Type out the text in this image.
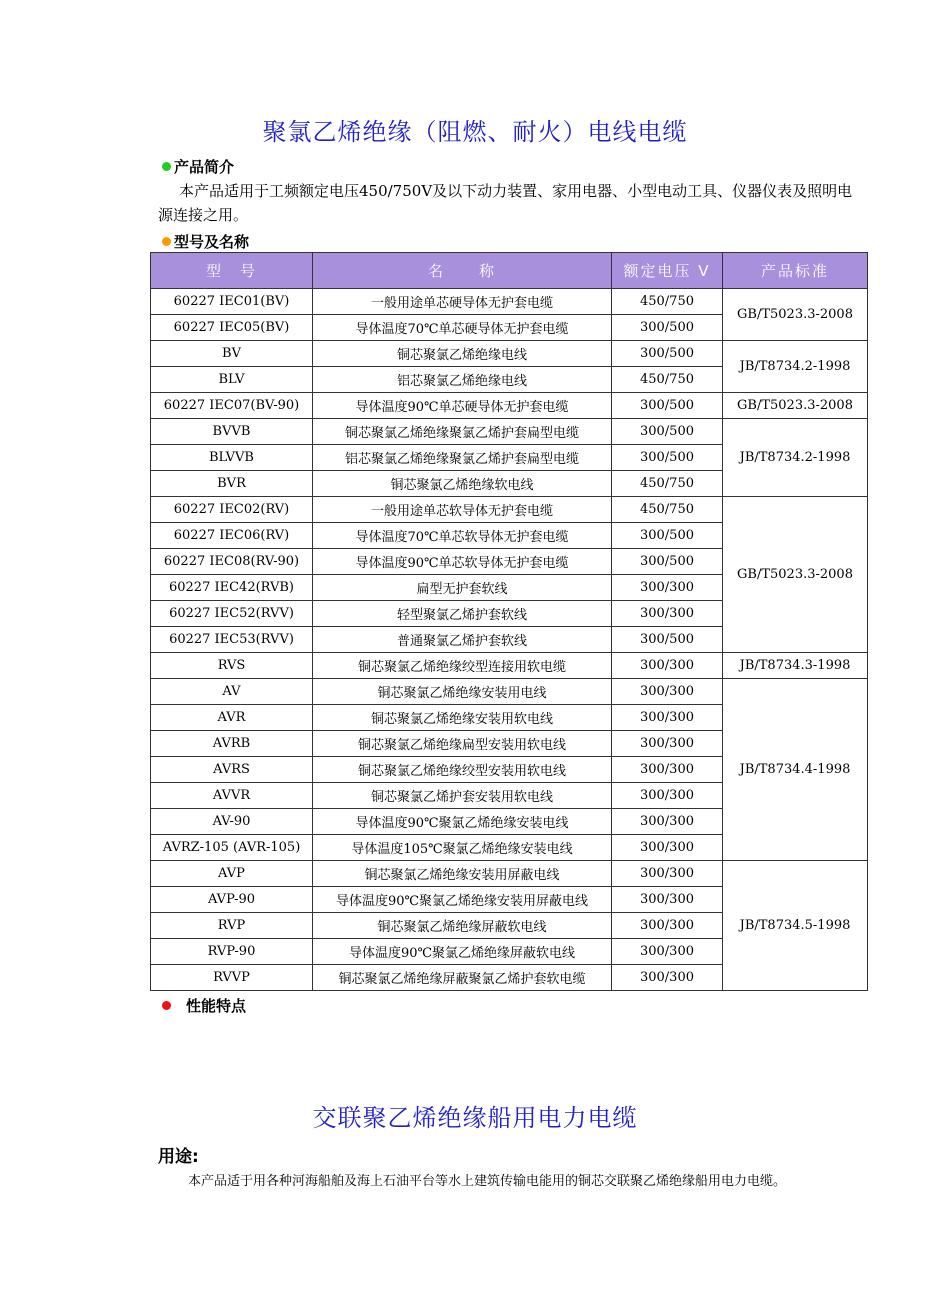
聚氯乙烯绝缘（阻燃、耐火）电线电缆
产品简介
本产品适用于工频额定电压450/750V及以下动力装置、家用电器、小型电动工具、仪器仪表及照明电源连接之用。
型号及名称
型　号	名　　称	额定电压 V	产品标准
60227 IEC01(BV)	一般用途单芯硬导体无护套电缆	450/750	GB/T5023.3-2008
60227 IEC05(BV)	导体温度70℃单芯硬导体无护套电缆	300/500	
BV	铜芯聚氯乙烯绝缘电线	300/500	JB/T8734.2-1998
BLV	铝芯聚氯乙烯绝缘电线	450/750	
60227 IEC07(BV-90)	导体温度90℃单芯硬导体无护套电缆	300/500	GB/T5023.3-2008
BVVB	铜芯聚氯乙烯绝缘聚氯乙烯护套扁型电缆	300/500	JB/T8734.2-1998
BLVVB	铝芯聚氯乙烯绝缘聚氯乙烯护套扁型电缆	300/500	
BVR	铜芯聚氯乙烯绝缘软电线	450/750	
60227 IEC02(RV)	一般用途单芯软导体无护套电缆	450/750	GB/T5023.3-2008
60227 IEC06(RV)	导体温度70℃单芯软导体无护套电缆	300/500	
60227 IEC08(RV-90)	导体温度90℃单芯软导体无护套电缆	300/500	
60227 IEC42(RVB)	扁型无护套软线	300/300	
60227 IEC52(RVV)	轻型聚氯乙烯护套软线	300/300	
60227 IEC53(RVV)	普通聚氯乙烯护套软线	300/500	
RVS	铜芯聚氯乙烯绝缘绞型连接用软电缆	300/300	JB/T8734.3-1998
AV	铜芯聚氯乙烯绝缘安装用电线	300/300	JB/T8734.4-1998
AVR	铜芯聚氯乙烯绝缘安装用软电线	300/300	
AVRB	铜芯聚氯乙烯绝缘扁型安装用软电线	300/300	
AVRS	铜芯聚氯乙烯绝缘绞型安装用软电线	300/300	
AVVR	铜芯聚氯乙烯护套安装用软电线	300/300	
AV-90	导体温度90℃聚氯乙烯绝缘安装电线	300/300	
AVRZ-105 (AVR-105)	导体温度105℃聚氯乙烯绝缘安装电线	300/300	
AVP	铜芯聚氯乙烯绝缘安装用屏蔽电线	300/300	JB/T8734.5-1998
AVP-90	导体温度90℃聚氯乙烯绝缘安装用屏蔽电线	300/300	
RVP	铜芯聚氯乙烯绝缘屏蔽软电线	300/300	
RVP-90	导体温度90℃聚氯乙烯绝缘屏蔽软电线	300/300	
RVVP	铜芯聚氯乙烯绝缘屏蔽聚氯乙烯护套软电缆	300/300	
性能特点
交联聚乙烯绝缘船用电力电缆
用途:
本产品适于用各种河海船舶及海上石油平台等水上建筑传输电能用的铜芯交联聚乙烯绝缘船用电力电缆。
